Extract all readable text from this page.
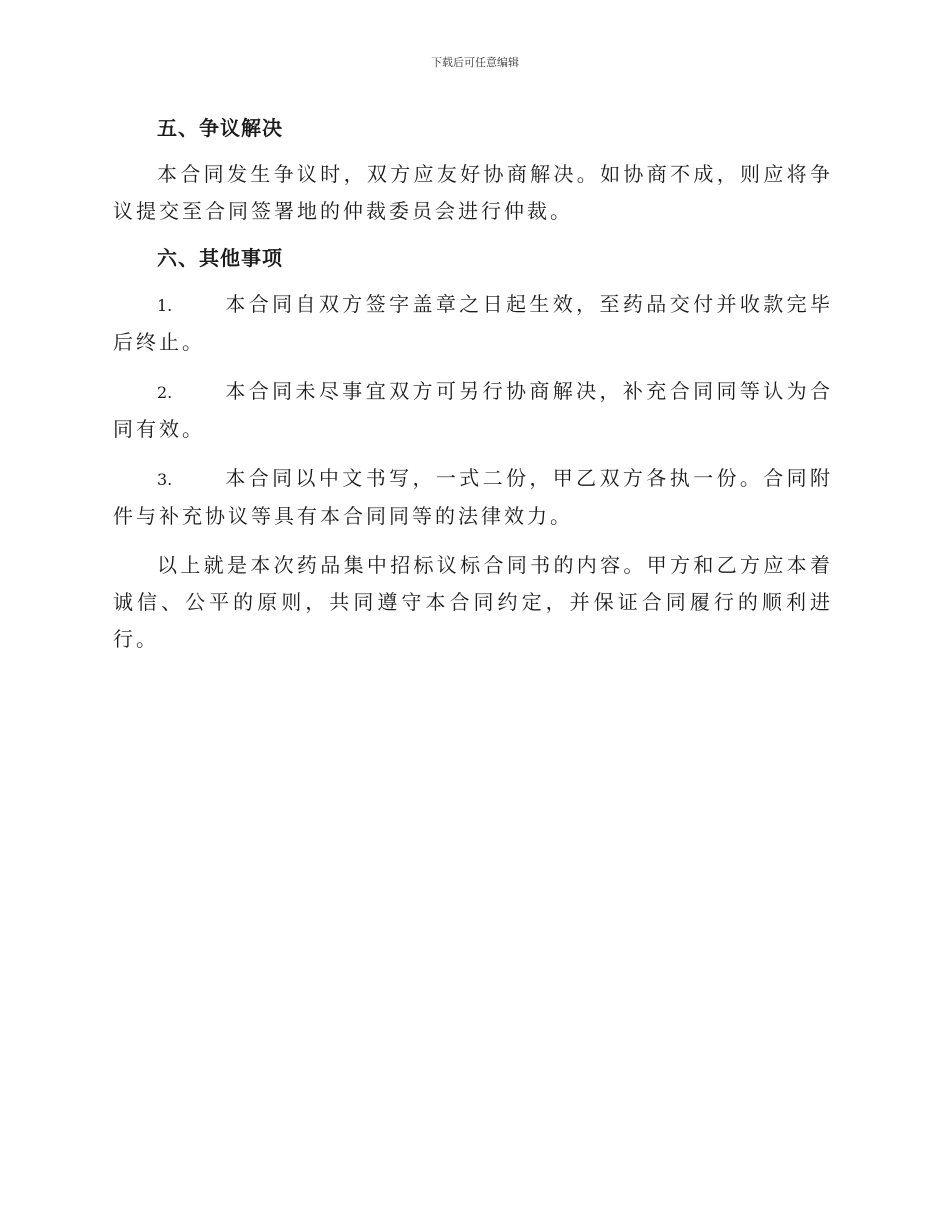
下载后可任意编辑
五、争议解决

本合同发生争议时，双方应友好协商解决。如协商不成，则应将争议提交至合同签署地的仲裁委员会进行仲裁。

六、其他事项

1.	本合同自双方签字盖章之日起生效，至药品交付并收款完毕后终止。

2.	本合同未尽事宜双方可另行协商解决，补充合同同等认为合同有效。

3.	本合同以中文书写，一式二份，甲乙双方各执一份。合同附件与补充协议等具有本合同同等的法律效力。

以上就是本次药品集中招标议标合同书的内容。甲方和乙方应本着诚信、公平的原则，共同遵守本合同约定，并保证合同履行的顺利进行。
